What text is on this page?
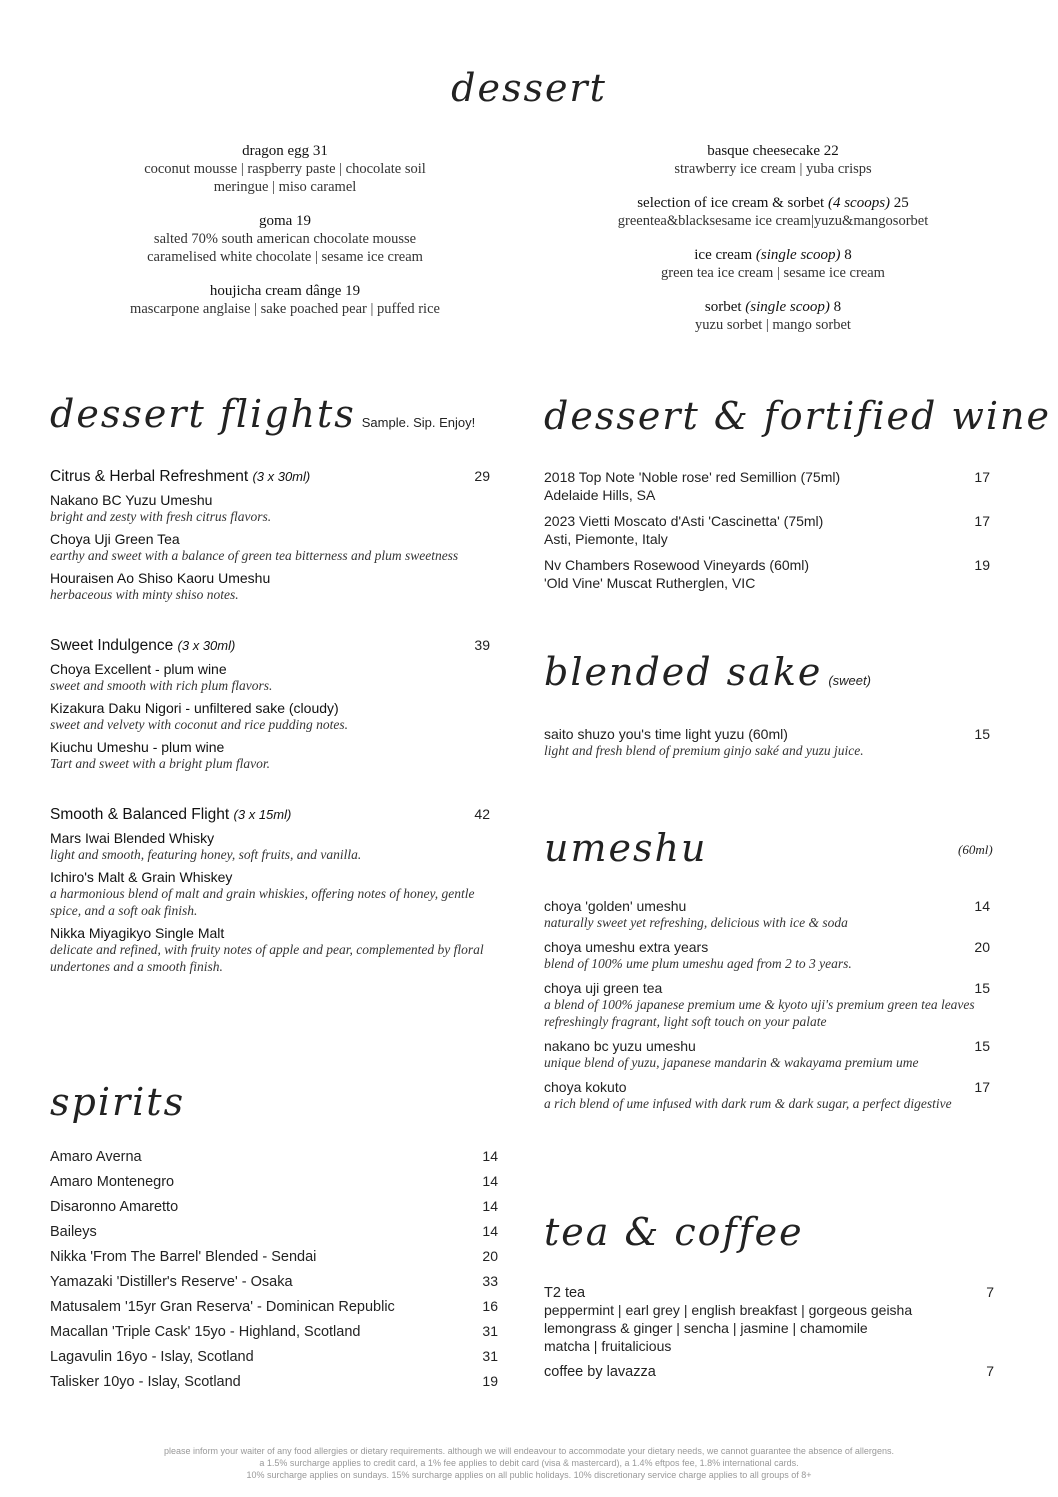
dessert
dragon egg 31
coconut mousse | raspberry paste | chocolate soil
meringue | miso caramel
goma 19
salted 70% south american chocolate mousse
caramelised white chocolate | sesame ice cream
houjicha cream dânge 19
mascarpone anglaise | sake poached pear | puffed rice
basque cheesecake 22
strawberry ice cream | yuba crisps
selection of ice cream & sorbet (4 scoops) 25
greentea&blacksesame ice cream|yuzu&mangosorbet
ice cream (single scoop) 8
green tea ice cream | sesame ice cream
sorbet (single scoop) 8
yuzu sorbet | mango sorbet
dessert flights Sample. Sip. Enjoy!
Citrus & Herbal Refreshment (3 x 30ml)	29
Nakano BC Yuzu Umeshu
bright and zesty with fresh citrus flavors.
Choya Uji Green Tea
earthy and sweet with a balance of green tea bitterness and plum sweetness
Houraisen Ao Shiso Kaoru Umeshu
herbaceous with minty shiso notes.
Sweet Indulgence (3 x 30ml)	39
Choya Excellent - plum wine
sweet and smooth with rich plum flavors.
Kizakura Daku Nigori - unfiltered sake (cloudy)
sweet and velvety with coconut and rice pudding notes.
Kiuchu Umeshu - plum wine
Tart and sweet with a bright plum flavor.
Smooth & Balanced Flight (3 x 15ml)	42
Mars Iwai Blended Whisky
light and smooth, featuring honey, soft fruits, and vanilla.
Ichiro's Malt & Grain Whiskey
a harmonious blend of malt and grain whiskies, offering notes of honey, gentle spice, and a soft oak finish.
Nikka Miyagikyo Single Malt
delicate and refined, with fruity notes of apple and pear, complemented by floral undertones and a smooth finish.
spirits
Amaro Averna	14
Amaro Montenegro	14
Disaronno Amaretto	14
Baileys	14
Nikka 'From The Barrel' Blended - Sendai	20
Yamazaki 'Distiller's Reserve' - Osaka	33
Matusalem '15yr Gran Reserva' - Dominican Republic	16
Macallan 'Triple Cask' 15yo - Highland, Scotland	31
Lagavulin 16yo - Islay, Scotland	31
Talisker 10yo - Islay, Scotland	19
dessert & fortified wine
2018 Top Note 'Noble rose' red Semillion (75ml)	17
Adelaide Hills, SA
2023 Vietti Moscato d'Asti 'Cascinetta' (75ml)	17
Asti, Piemonte, Italy
Nv Chambers Rosewood Vineyards (60ml)	19
'Old Vine' Muscat Rutherglen, VIC
blended sake (sweet)
saito shuzo you's time light yuzu (60ml)	15
light and fresh blend of premium ginjo saké and yuzu juice.
umeshu	(60ml)
choya 'golden' umeshu	14
naturally sweet yet refreshing, delicious with ice & soda
choya umeshu extra years	20
blend of 100% ume plum umeshu aged from 2 to 3 years.
choya uji green tea	15
a blend of 100% japanese premium ume & kyoto uji's premium green tea leaves refreshingly fragrant, light soft touch on your palate
nakano bc yuzu umeshu	15
unique blend of yuzu, japanese mandarin & wakayama premium ume
choya kokuto	17
a rich blend of ume infused with dark rum & dark sugar, a perfect digestive
tea & coffee
T2 tea	7
peppermint | earl grey | english breakfast | gorgeous geisha
lemongrass & ginger | sencha | jasmine | chamomile
matcha | fruitalicious
coffee by lavazza	7
please inform your waiter of any food allergies or dietary requirements. although we will endeavour to accommodate your dietary needs, we cannot guarantee the absence of allergens.
a 1.5% surcharge applies to credit card, a 1% fee applies to debit card (visa & mastercard), a 1.4% eftpos fee, 1.8% international cards.
10% surcharge applies on sundays. 15% surcharge applies on all public holidays. 10% discretionary service charge applies to all groups of 8+
